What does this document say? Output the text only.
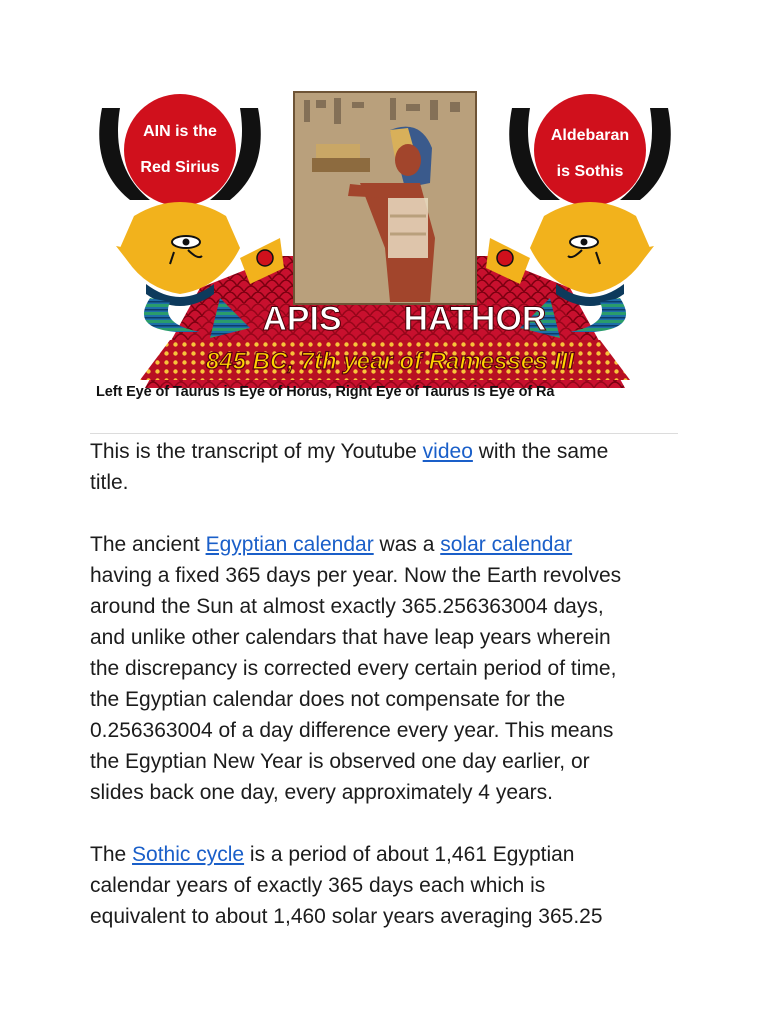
AIN is the
Red Sirius
Aldebaran
is Sothis
APIS HATHOR
845 BC, 7th year of Ramesses III
Left Eye of Taurus is Eye of Horus, Right Eye of Taurus is Eye of Ra

This is the transcript of my Youtube video with the same
title.

The ancient Egyptian calendar was a solar calendar
having a fixed 365 days per year. Now the Earth revolves
around the Sun at almost exactly 365.256363004 days,
and unlike other calendars that have leap years wherein
the discrepancy is corrected every certain period of time,
the Egyptian calendar does not compensate for the
0.256363004 of a day difference every year. This means
the Egyptian New Year is observed one day earlier, or
slides back one day, every approximately 4 years.

The Sothic cycle is a period of about 1,461 Egyptian
calendar years of exactly 365 days each which is
equivalent to about 1,460 solar years averaging 365.25
